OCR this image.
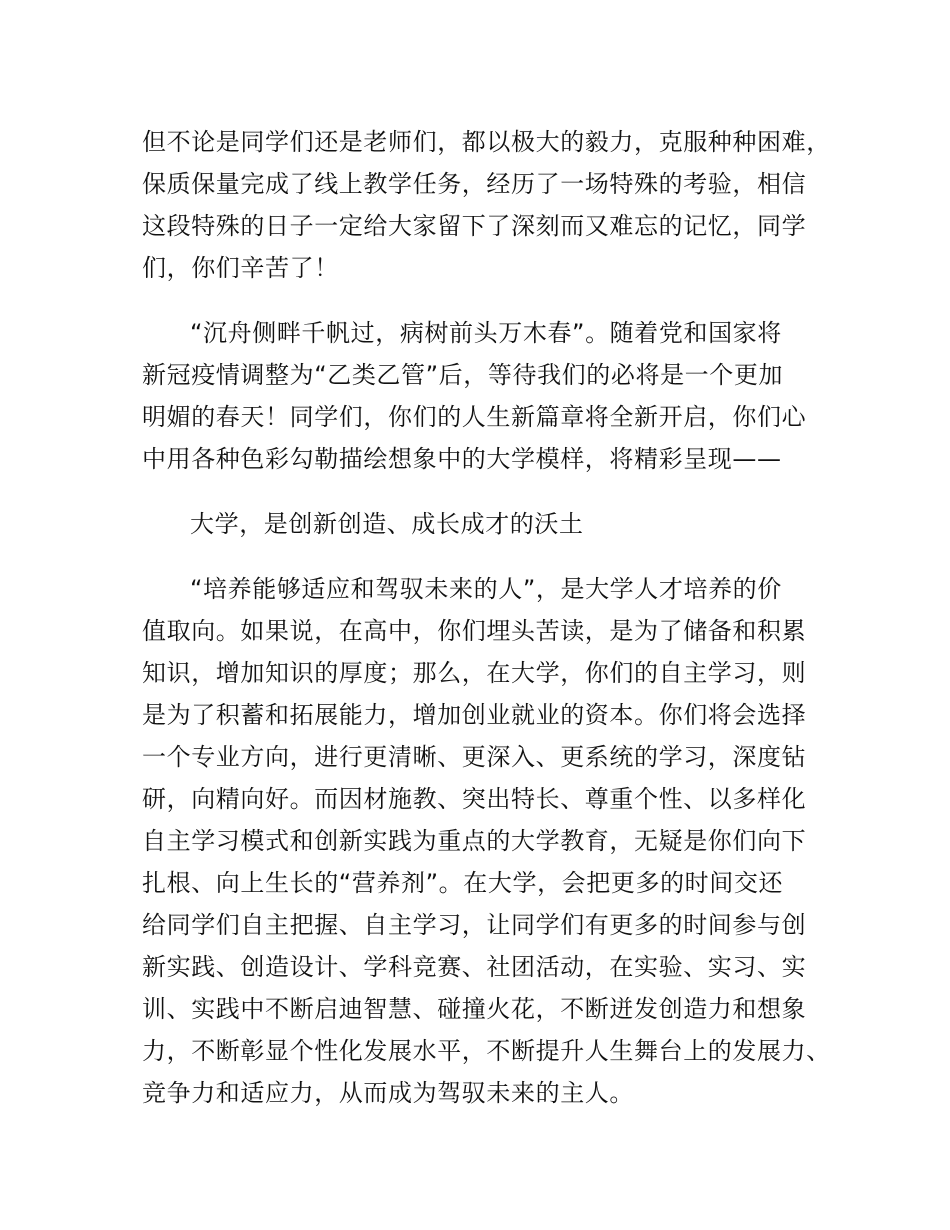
但不论是同学们还是老师们，都以极大的毅力，克服种种困难，
保质保量完成了线上教学任务，经历了一场特殊的考验，相信
这段特殊的日子一定给大家留下了深刻而又难忘的记忆，同学
们，你们辛苦了！
“沉舟侧畔千帆过，病树前头万木春”。随着党和国家将
新冠疫情调整为“乙类乙管”后，等待我们的必将是一个更加
明媚的春天！同学们，你们的人生新篇章将全新开启，你们心
中用各种色彩勾勒描绘想象中的大学模样，将精彩呈现——
大学，是创新创造、成长成才的沃土
“培养能够适应和驾驭未来的人”，是大学人才培养的价
值取向。如果说，在高中，你们埋头苦读，是为了储备和积累
知识，增加知识的厚度；那么，在大学，你们的自主学习，则
是为了积蓄和拓展能力，增加创业就业的资本。你们将会选择
一个专业方向，进行更清晰、更深入、更系统的学习，深度钻
研，向精向好。而因材施教、突出特长、尊重个性、以多样化
自主学习模式和创新实践为重点的大学教育，无疑是你们向下
扎根、向上生长的“营养剂”。在大学，会把更多的时间交还
给同学们自主把握、自主学习，让同学们有更多的时间参与创
新实践、创造设计、学科竞赛、社团活动，在实验、实习、实
训、实践中不断启迪智慧、碰撞火花，不断迸发创造力和想象
力，不断彰显个性化发展水平，不断提升人生舞台上的发展力、
竞争力和适应力，从而成为驾驭未来的主人。
